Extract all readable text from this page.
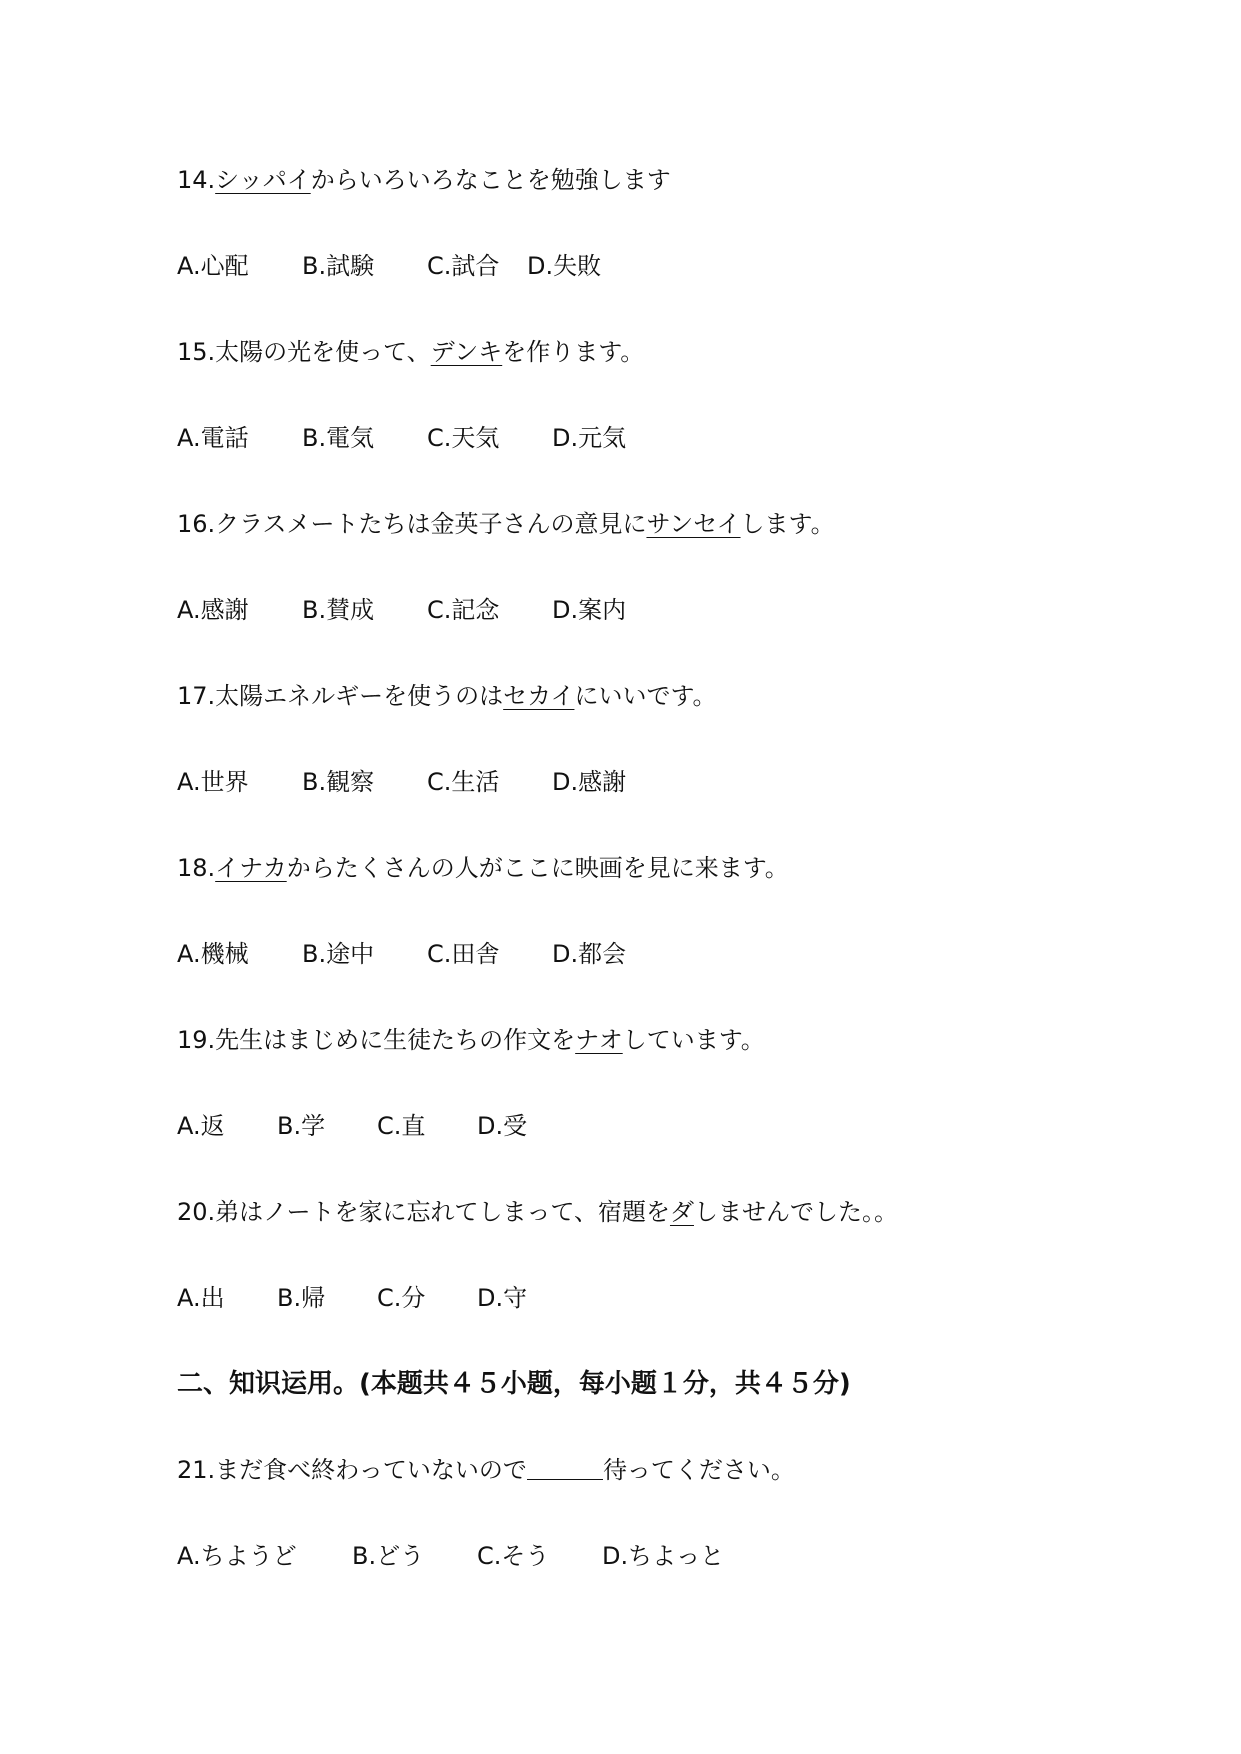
14.シッパイからいろいろなことを勉強します
A.心配 B.試験 C.試合 D.失敗
15.太陽の光を使って、デンキを作ります。
A.電話 B.電気 C.天気 D.元気
16.クラスメートたちは金英子さんの意見にサンセイします。
A.感謝 B.賛成 C.記念 D.案内
17.太陽エネルギーを使うのはセカイにいいです。
A.世界 B.観察 C.生活 D.感謝
18.イナカからたくさんの人がここに映画を見に来ます。
A.機械 B.途中 C.田舎 D.都会
19.先生はまじめに生徒たちの作文をナオしています。
A.返 B.学 C.直 D.受
20.弟はノートを家に忘れてしまって、宿題をダしませんでした。。
A.出 B.帰 C.分 D.守
二、知识运用。(本题共４５小题，每小题１分，共４５分)
21.まだ食べ終わっていないので	待ってください。
A.ちようど B.どう C.そう D.ちよっと
